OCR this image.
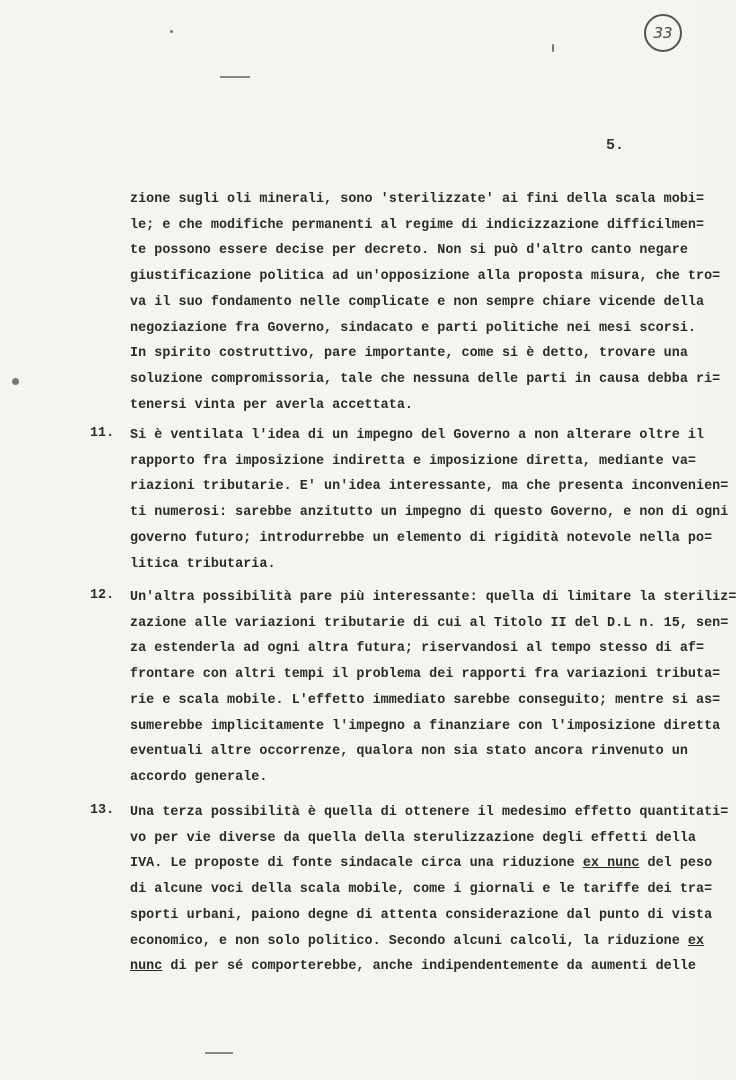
33
5.
zione sugli oli minerali, sono 'sterilizzate' ai fini della scala mobi=
le; e che modifiche permanenti al regime di indicizzazione difficilmen=
te possono essere decise per decreto. Non si può d'altro canto negare
giustificazione politica ad un'opposizione alla proposta misura, che tro=
va il suo fondamento nelle complicate e non sempre chiare vicende della
negoziazione fra Governo, sindacato e parti politiche nei mesi scorsi.
In spirito costruttivo, pare importante, come si è detto, trovare una
soluzione compromissoria, tale che nessuna delle parti in causa debba ri=
tenersi vinta per averla accettata.
11. Si è ventilata l'idea di un impegno del Governo a non alterare oltre il
rapporto fra imposizione indiretta e imposizione diretta, mediante va=
riazioni tributarie. E' un'idea interessante, ma che presenta inconvenien=
ti numerosi: sarebbe anzitutto un impegno di questo Governo, e non di ogni
governo futuro; introdurrebbe un elemento di rigidità notevole nella po=
litica tributaria.
12. Un'altra possibilità pare più interessante: quella di limitare la steriliz=
zazione alle variazioni tributarie di cui al Titolo II del D.L n. 15, sen=
za estenderla ad ogni altra futura; riservandosi al tempo stesso di af=
frontare con altri tempi il problema dei rapporti fra variazioni tributa=
rie e scala mobile. L'effetto immediato sarebbe conseguito; mentre si as=
sumerebbe implicitamente l'impegno a finanziare con l'imposizione diretta
eventuali altre occorrenze, qualora non sia stato ancora rinvenuto un
accordo generale.
13. Una terza possibilità è quella di ottenere il medesimo effetto quantitati=
vo per vie diverse da quella della sterulizzazione degli effetti della
IVA. Le proposte di fonte sindacale circa una riduzione ex nunc del peso
di alcune voci della scala mobile, come i giornali e le tariffe dei tra=
sporti urbani, paiono degne di attenta considerazione dal punto di vista
economico, e non solo politico. Secondo alcuni calcoli, la riduzione ex
nunc di per sé comporterebbe, anche indipendentemente da aumenti delle
